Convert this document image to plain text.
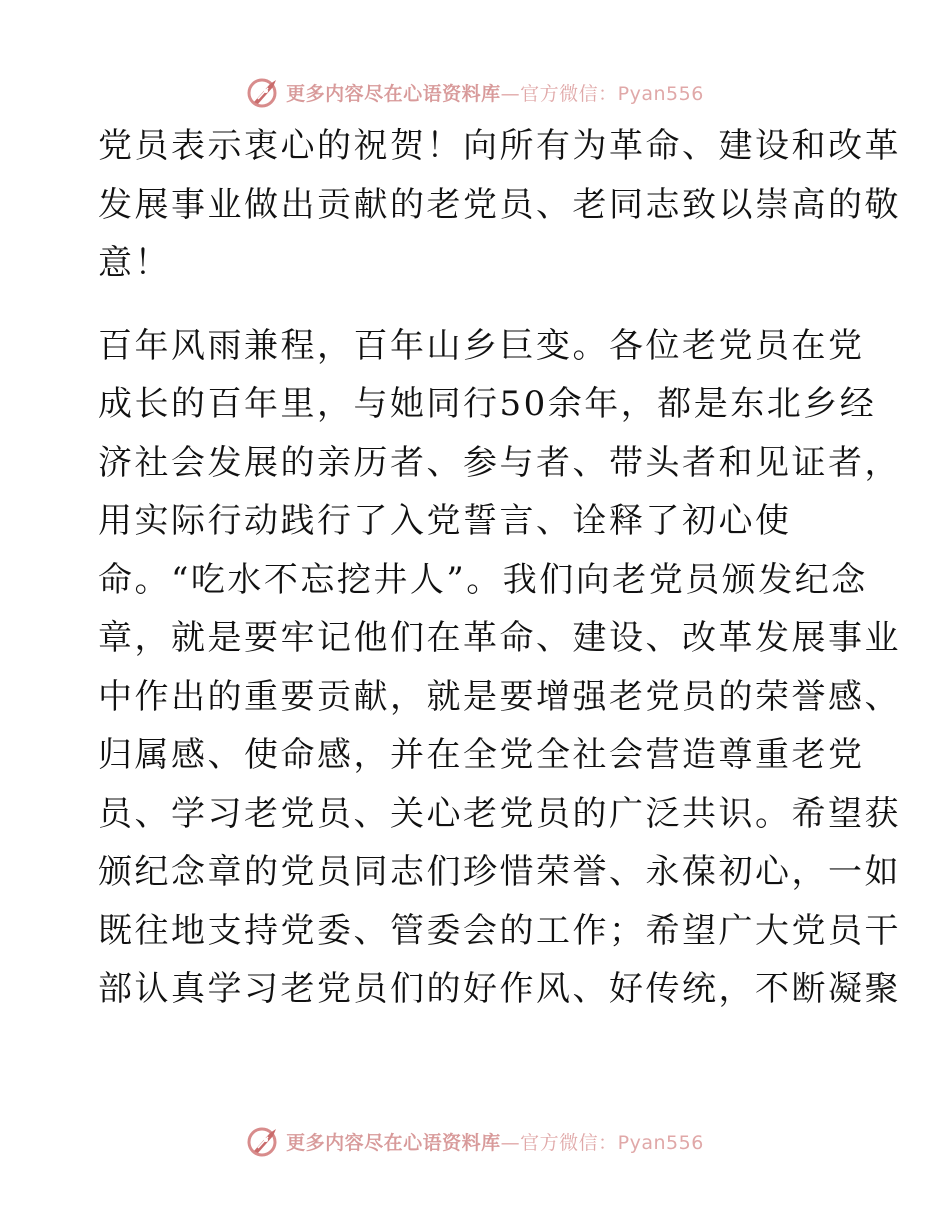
更多内容尽在心语资料库—官方微信：Pyan556
党员表示衷心的祝贺！向所有为革命、建设和改革
发展事业做出贡献的老党员、老同志致以崇高的敬
意！
百年风雨兼程，百年山乡巨变。各位老党员在党
成长的百年里，与她同行50余年，都是东北乡经
济社会发展的亲历者、参与者、带头者和见证者，
用实际行动践行了入党誓言、诠释了初心使
命。“吃水不忘挖井人”。我们向老党员颁发纪念
章，就是要牢记他们在革命、建设、改革发展事业
中作出的重要贡献，就是要增强老党员的荣誉感、
归属感、使命感，并在全党全社会营造尊重老党
员、学习老党员、关心老党员的广泛共识。希望获
颁纪念章的党员同志们珍惜荣誉、永葆初心，一如
既往地支持党委、管委会的工作；希望广大党员干
部认真学习老党员们的好作风、好传统，不断凝聚
更多内容尽在心语资料库—官方微信：Pyan556
